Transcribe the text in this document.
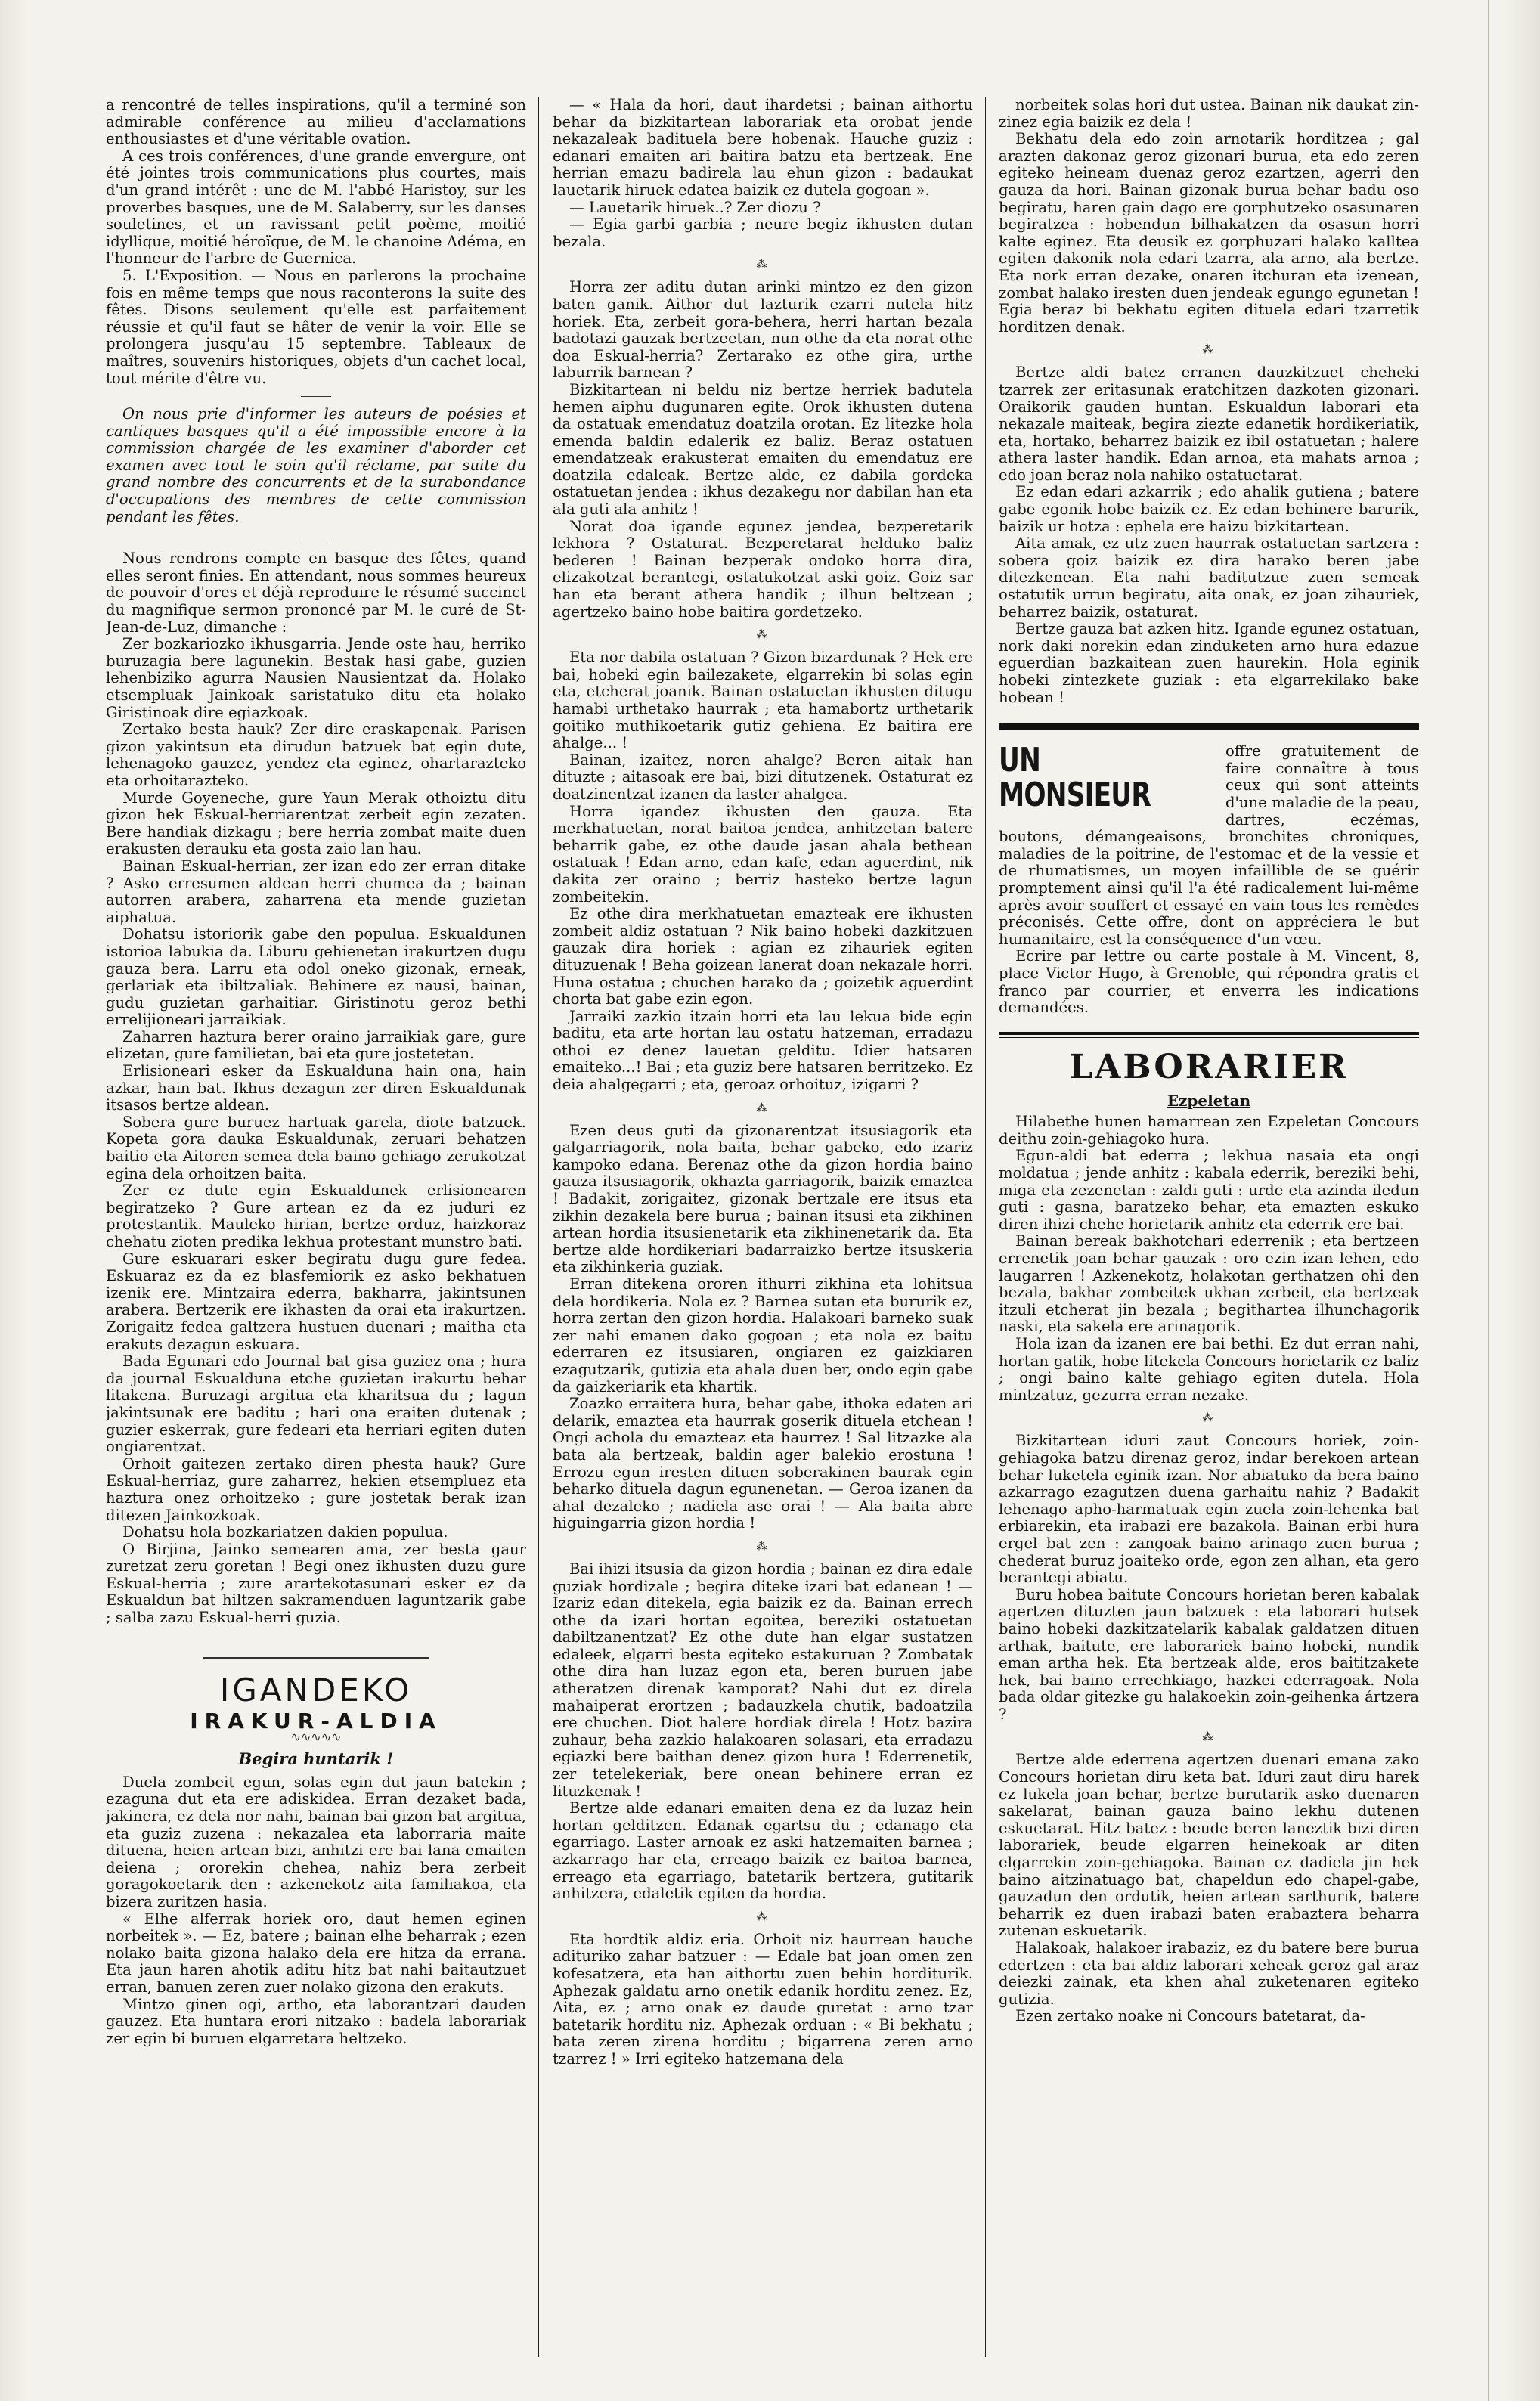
a rencontré de telles inspirations, qu'il a terminé son admirable conférence au milieu d'acclamations enthousiastes et d'une véritable ovation.

A ces trois conférences, d'une grande envergure, ont été jointes trois communications plus courtes, mais d'un grand intérêt : une de M. l'abbé Haristoy, sur les proverbes basques, une de M. Salaberry, sur les danses souletines, et un ravissant petit poème, moitié idyllique, moitié héroïque, de M. le chanoine Adéma, en l'honneur de l'arbre de Guernica.

5. L'Exposition. — Nous en parlerons la prochaine fois en même temps que nous raconterons la suite des fêtes. Disons seulement qu'elle est parfaitement réussie et qu'il faut se hâter de venir la voir. Elle se prolongera jusqu'au 15 septembre. Tableaux de maîtres, souvenirs historiques, objets d'un cachet local, tout mérite d'être vu.

On nous prie d'informer les auteurs de poésies et cantiques basques qu'il a été impossible encore à la commission chargée de les examiner d'aborder cet examen avec tout le soin qu'il réclame, par suite du grand nombre des concurrents et de la surabondance d'occupations des membres de cette commission pendant les fêtes.

Nous rendrons compte en basque des fêtes, quand elles seront finies. En attendant, nous sommes heureux de pouvoir d'ores et déjà reproduire le résumé succinct du magnifique sermon prononcé par M. le curé de St-Jean-de-Luz, dimanche :

Zer bozkariozko ikhusgarria. Jende oste hau, herriko buruzagia bere lagunekin. Bestak hasi gabe, guzien lehenbiziko agurra Nausien Nausientzat da. Holako etsempluak Jainkoak saristatuko ditu eta holako Giristinoak dire egiazkoak.

Zertako besta hauk? Zer dire eraskapenak. Parisen gizon yakintsun eta dirudun batzuek bat egin dute, lehenagoko gauzez, yendez eta eginez, ohartarazteko eta orhoitarazteko.

Murde Goyeneche, gure Yaun Merak othoiztu ditu gizon hek Eskual-herriarentzat zerbeit egin zezaten. Bere handiak dizkagu ; bere herria zombat maite duen erakusten derauku eta gosta zaio lan hau.

Bainan Eskual-herrian, zer izan edo zer erran ditake ? Asko erresumen aldean herri chumea da ; bainan autorren arabera, zaharrena eta mende guzietan aiphatua.

Dohatsu istoriorik gabe den populua. Eskualdunen istorioa labukia da. Liburu gehienetan irakurtzen dugu gauza bera. Larru eta odol oneko gizonak, erneak, gerlariak eta ibiltzaliak. Behinere ez nausi, bainan, gudu guzietan garhaitiar. Giristinotu geroz bethi errelijioneari jarraikiak.

Zaharren haztura berer oraino jarraikiak gare, gure elizetan, gure familietan, bai eta gure jostetetan.

Erlisioneari esker da Eskualduna hain ona, hain azkar, hain bat. Ikhus dezagun zer diren Eskualdunak itsasos bertze aldean.

Sobera gure buruez hartuak garela, diote batzuek. Kopeta gora dauka Eskualdunak, zeruari behatzen baitio eta Aitoren semea dela baino gehiago zerukotzat egina dela orhoitzen baita.

Zer ez dute egin Eskualdunek erlisionearen begiratzeko ? Gure artean ez da ez juduri ez protestantik. Mauleko hirian, bertze orduz, haizkoraz chehatu zioten predika lekhua protestant munstro bati.

Gure eskuarari esker begiratu dugu gure fedea. Eskuaraz ez da ez blasfemiorik ez asko bekhatuen izenik ere. Mintzaira ederra, bakharra, jakintsunen arabera. Bertzerik ere ikhasten da orai eta irakurtzen. Zorigaitz fedea galtzera hustuen duenari ; maitha eta erakuts dezagun eskuara.

Bada Egunari edo Journal bat gisa guziez ona ; hura da journal Eskualduna etche guzietan irakurtu behar litakena. Buruzagi argitua eta kharitsua du ; lagun jakintsunak ere baditu ; hari ona eraiten dutenak ; guzier eskerrak, gure fedeari eta herriari egiten duten ongiarentzat.

Orhoit gaitezen zertako diren phesta hauk? Gure Eskual-herriaz, gure zaharrez, hekien etsempluez eta haztura onez orhoitzeko ; gure jostetak berak izan ditezen Jainkozkoak.

Dohatsu hola bozkariatzen dakien populua.

O Birjina, Jainko semearen ama, zer besta gaur zuretzat zeru goretan ! Begi onez ikhusten duzu gure Eskual-herria ; zure arartekotasunari esker ez da Eskualdun bat hiltzen sakramenduen laguntzarik gabe ; salba zazu Eskual-herri guzia.

IGANDEKO
IRAKUR-ALDIA
∿∿∿∿∿
Begira huntarik !

Duela zombeit egun, solas egin dut jaun batekin ; ezaguna dut eta ere adiskidea. Erran dezaket bada, jakinera, ez dela nor nahi, bainan bai gizon bat argitua, eta guziz zuzena : nekazalea eta laborraria maite dituena, heien artean bizi, anhitzi ere bai lana emaiten deiena ; ororekin chehea, nahiz bera zerbeit goragokoetarik den : azkenekotz aita familiakoa, eta bizera zuritzen hasia.

« Elhe alferrak horiek oro, daut hemen eginen norbeitek ». — Ez, batere ; bainan elhe beharrak ; ezen nolako baita gizona halako dela ere hitza da errana. Eta jaun haren ahotik aditu hitz bat nahi baitautzuet erran, banuen zeren zuer nolako gizona den erakuts.

Mintzo ginen ogi, artho, eta laborantzari dauden gauzez. Eta huntara erori nitzako : badela laborariak zer egin bi buruen elgarretara heltzeko.

— « Hala da hori, daut ihardetsi ; bainan aithortu behar da bizkitartean laborariak eta orobat jende nekazaleak badituela bere hobenak. Hauche guziz : edanari emaiten ari baitira batzu eta bertzeak. Ene herrian emazu badirela lau ehun gizon : badaukat lauetarik hiruek edatea baizik ez dutela gogoan ».

— Lauetarik hiruek..? Zer diozu ?

— Egia garbi garbia ; neure begiz ikhusten dutan bezala.

⁂

Horra zer aditu dutan arinki mintzo ez den gizon baten ganik. Aithor dut lazturik ezarri nutela hitz horiek. Eta, zerbeit gora-behera, herri hartan bezala badotazi gauzak bertzeetan, nun othe da eta norat othe doa Eskual-herria? Zertarako ez othe gira, urthe laburrik barnean ?

Bizkitartean ni beldu niz bertze herriek badutela hemen aiphu dugunaren egite. Orok ikhusten dutena da ostatuak emendatuz doatzila orotan. Ez litezke hola emenda baldin edalerik ez baliz. Beraz ostatuen emendatzeak erakusterat emaiten du emendatuz ere doatzila edaleak. Bertze alde, ez dabila gordeka ostatuetan jendea : ikhus dezakegu nor dabilan han eta ala guti ala anhitz !

Norat doa igande egunez jendea, bezperetarik lekhora ? Ostaturat. Bezperetarat helduko baliz bederen ! Bainan bezperak ondoko horra dira, elizakotzat berantegi, ostatukotzat aski goiz. Goiz sar han eta berant athera handik ; ilhun beltzean ; agertzeko baino hobe baitira gordetzeko.

⁂

Eta nor dabila ostatuan ? Gizon bizardunak ? Hek ere bai, hobeki egin bailezakete, elgarrekin bi solas egin eta, etcherat joanik. Bainan ostatuetan ikhusten ditugu hamabi urthetako haurrak ; eta hamabortz urthetarik goitiko muthikoetarik gutiz gehiena. Ez baitira ere ahalge... !

Bainan, izaitez, noren ahalge? Beren aitak han dituzte ; aitasoak ere bai, bizi ditutzenek. Ostaturat ez doatzinentzat izanen da laster ahalgea.

Horra igandez ikhusten den gauza. Eta merkhatuetan, norat baitoa jendea, anhitzetan batere beharrik gabe, ez othe daude jasan ahala bethean ostatuak ! Edan arno, edan kafe, edan aguerdint, nik dakita zer oraino ; berriz hasteko bertze lagun zombeitekin.

Ez othe dira merkhatuetan emazteak ere ikhusten zombeit aldiz ostatuan ? Nik baino hobeki dazkitzuen gauzak dira horiek : agian ez zihauriek egiten dituzuenak ! Beha goizean lanerat doan nekazale horri. Huna ostatua ; chuchen harako da ; goizetik aguerdint chorta bat gabe ezin egon.

Jarraiki zazkio itzain horri eta lau lekua bide egin baditu, eta arte hortan lau ostatu hatzeman, erradazu othoi ez denez lauetan gelditu. Idier hatsaren emaiteko...! Bai ; eta guziz bere hatsaren berritzeko. Ez deia ahalgegarri ; eta, geroaz orhoituz, izigarri ?

⁂

Ezen deus guti da gizonarentzat itsusiagorik eta galgarriagorik, nola baita, behar gabeko, edo izariz kampoko edana. Berenaz othe da gizon hordia baino gauza itsusiagorik, okhazta garriagorik, baizik emaztea ! Badakit, zorigaitez, gizonak bertzale ere itsus eta zikhin dezakela bere burua ; bainan itsusi eta zikhinen artean hordia itsusienetarik eta zikhinenetarik da. Eta bertze alde hordikeriari badarraizko bertze itsuskeria eta zikhinkeria guziak.

Erran ditekena ororen ithurri zikhina eta lohitsua dela hordikeria. Nola ez ? Barnea sutan eta bururik ez, horra zertan den gizon hordia. Halakoari barneko suak zer nahi emanen dako gogoan ; eta nola ez baitu ederraren ez itsusiaren, ongiaren ez gaizkiaren ezagutzarik, gutizia eta ahala duen ber, ondo egin gabe da gaizkeriarik eta khartik.

Zoazko erraitera hura, behar gabe, ithoka edaten ari delarik, emaztea eta haurrak goserik dituela etchean ! Ongi achola du emazteaz eta haurrez ! Sal litzazke ala bata ala bertzeak, baldin ager balekio erostuna ! Errozu egun iresten dituen soberakinen baurak egin beharko dituela dagun egunenetan. — Geroa izanen da ahal dezaleko ; nadiela ase orai ! — Ala baita abre higuingarria gizon hordia !

⁂

Bai ihizi itsusia da gizon hordia ; bainan ez dira edale guziak hordizale ; begira diteke izari bat edanean ! — Izariz edan ditekela, egia baizik ez da. Bainan errech othe da izari hortan egoitea, bereziki ostatuetan dabiltzanentzat? Ez othe dute han elgar sustatzen edaleek, elgarri besta egiteko estakuruan ? Zombatak othe dira han luzaz egon eta, beren buruen jabe atheratzen direnak kamporat? Nahi dut ez direla mahaiperat erortzen ; badauzkela chutik, badoatzila ere chuchen. Diot halere hordiak direla ! Hotz bazira zuhaur, beha zazkio halakoaren solasari, eta erradazu egiazki bere baithan denez gizon hura ! Ederrenetik, zer tetelekeriak, bere onean behinere erran ez lituzkenak !

Bertze alde edanari emaiten dena ez da luzaz hein hortan gelditzen. Edanak egartsu du ; edanago eta egarriago. Laster arnoak ez aski hatzemaiten barnea ; azkarrago har eta, erreago baizik ez baitoa barnea, erreago eta egarriago, batetarik bertzera, gutitarik anhitzera, edaletik egiten da hordia.

⁂

Eta hordtik aldiz eria. Orhoit niz haurrean hauche adituriko zahar batzuer : — Edale bat joan omen zen kofesatzera, eta han aithortu zuen behin horditurik. Aphezak galdatu arno onetik edanik horditu zenez. Ez, Aita, ez ; arno onak ez daude guretat : arno tzar batetarik horditu niz. Aphezak orduan : « Bi bekhatu ; bata zeren zirena horditu ; bigarrena zeren arno tzarrez ! » Irri egiteko hatzemana dela

norbeitek solas hori dut ustea. Bainan nik daukat zin-zinez egia baizik ez dela !

Bekhatu dela edo zoin arnotarik horditzea ; gal arazten dakonaz geroz gizonari burua, eta edo zeren egiteko heineam duenaz geroz ezartzen, agerri den gauza da hori. Bainan gizonak burua behar badu oso begiratu, haren gain dago ere gorphutzeko osasunaren begiratzea : hobendun bilhakatzen da osasun horri kalte eginez. Eta deusik ez gorphuzari halako kalltea egiten dakonik nola edari tzarra, ala arno, ala bertze. Eta nork erran dezake, onaren itchuran eta izenean, zombat halako iresten duen jendeak egungo egunetan ! Egia beraz bi bekhatu egiten dituela edari tzarretik horditzen denak.

⁂

Bertze aldi batez erranen dauzkitzuet cheheki tzarrek zer eritasunak eratchitzen dazkoten gizonari. Oraikorik gauden huntan. Eskualdun laborari eta nekazale maiteak, begira ziezte edanetik hordikeriatik, eta, hortako, beharrez baizik ez ibil ostatuetan ; halere athera laster handik. Edan arnoa, eta mahats arnoa ; edo joan beraz nola nahiko ostatuetarat.

Ez edan edari azkarrik ; edo ahalik gutiena ; batere gabe egonik hobe baizik ez. Ez edan behinere barurik, baizik ur hotza : ephela ere haizu bizkitartean.

Aita amak, ez utz zuen haurrak ostatuetan sartzera : sobera goiz baizik ez dira harako beren jabe ditezkenean. Eta nahi baditutzue zuen semeak ostatutik urrun begiratu, aita onak, ez joan zihauriek, beharrez baizik, ostaturat.

Bertze gauza bat azken hitz. Igande egunez ostatuan, nork daki norekin edan zinduketen arno hura edazue eguerdian bazkaitean zuen haurekin. Hola eginik hobeki zintezkete guziak : eta elgarrekilako bake hobean !

UN MONSIEUR
offre gratuitement de faire connaître à tous ceux qui sont atteints d'une maladie de la peau, dartres, eczémas, boutons, démangeaisons, bronchites chroniques, maladies de la poitrine, de l'estomac et de la vessie et de rhumatismes, un moyen infaillible de se guérir promptement ainsi qu'il l'a été radicalement lui-même après avoir souffert et essayé en vain tous les remèdes préconisés. Cette offre, dont on appréciera le but humanitaire, est la conséquence d'un vœu.

Ecrire par lettre ou carte postale à M. Vincent, 8, place Victor Hugo, à Grenoble, qui répondra gratis et franco par courrier, et enverra les indications demandées.

LABORARIER
Ezpeletan

Hilabethe hunen hamarrean zen Ezpeletan Concours deithu zoin-gehiagoko hura.

Egun-aldi bat ederra ; lekhua nasaia eta ongi moldatua ; jende anhitz : kabala ederrik, bereziki behi, miga eta zezenetan : zaldi guti : urde eta azinda iledun guti : gasna, baratzeko behar, eta emazten eskuko diren ihizi chehe horietarik anhitz eta ederrik ere bai.

Bainan bereak bakhotchari ederrenik ; eta bertzeen errenetik joan behar gauzak : oro ezin izan lehen, edo laugarren ! Azkenekotz, holakotan gerthatzen ohi den bezala, bakhar zombeitek ukhan zerbeit, eta bertzeak itzuli etcherat jin bezala ; begithartea ilhunchagorik naski, eta sakela ere arinagorik.

Hola izan da izanen ere bai bethi. Ez dut erran nahi, hortan gatik, hobe litekela Concours horietarik ez baliz ; ongi baino kalte gehiago egiten dutela. Hola mintzatuz, gezurra erran nezake.

⁂

Bizkitartean iduri zaut Concours horiek, zoin-gehiagoka batzu direnaz geroz, indar berekoen artean behar luketela eginik izan. Nor abiatuko da bera baino azkarrago ezagutzen duena garhaitu nahiz ? Badakit lehenago apho-harmatuak egin zuela zoin-lehenka bat erbiarekin, eta irabazi ere bazakola. Bainan erbi hura ergel bat zen : zangoak baino arinago zuen burua ; chederat buruz joaiteko orde, egon zen alhan, eta gero berantegi abiatu.

Buru hobea baitute Concours horietan beren kabalak agertzen dituzten jaun batzuek : eta laborari hutsek baino hobeki dazkitzatelarik kabalak galdatzen dituen arthak, baitute, ere laborariek baino hobeki, nundik eman artha hek. Eta bertzeak alde, eros baititzakete hek, bai baino errechkiago, hazkei ederragoak. Nola bada oldar gitezke gu halakoekin zoin-geihenka ártzera ?

⁂

Bertze alde ederrena agertzen duenari emana zako Concours horietan diru keta bat. Iduri zaut diru harek ez lukela joan behar, bertze burutarik asko duenaren sakelarat, bainan gauza baino lekhu dutenen eskuetarat. Hitz batez : beude beren laneztik bizi diren laborariek, beude elgarren heinekoak ar diten elgarrekin zoin-gehiagoka. Bainan ez dadiela jin hek baino aitzinatuago bat, chapeldun edo chapel-gabe, gauzadun den ordutik, heien artean sarthurik, batere beharrik ez duen irabazi baten erabaztera beharra zutenan eskuetarik.

Halakoak, halakoer irabaziz, ez du batere bere burua edertzen : eta bai aldiz laborari xeheak geroz gal araz deiezki zainak, eta khen ahal zuketenaren egiteko gutizia.

Ezen zertako noake ni Concours batetarat, da-
